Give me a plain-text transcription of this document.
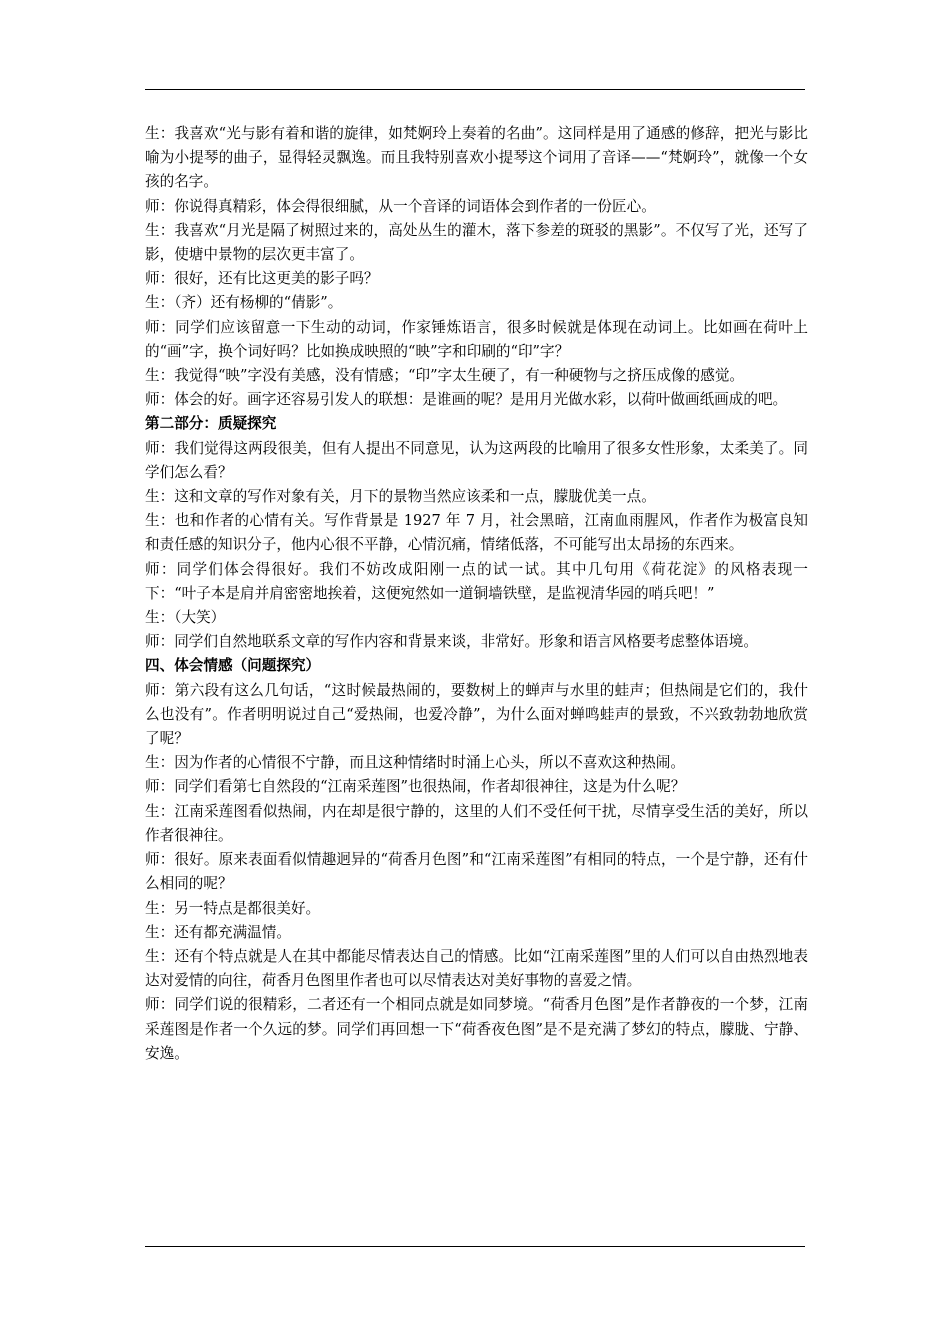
生：我喜欢“光与影有着和谐的旋律，如梵婀玲上奏着的名曲”。这同样是用了通感的修辞，把光与影比喻为小提琴的曲子，显得轻灵飘逸。而且我特别喜欢小提琴这个词用了音译——“梵婀玲”，就像一个女孩的名字。

师：你说得真精彩，体会得很细腻，从一个音译的词语体会到作者的一份匠心。

生：我喜欢“月光是隔了树照过来的，高处丛生的灌木，落下参差的斑驳的黑影”。不仅写了光，还写了影，使塘中景物的层次更丰富了。

师：很好，还有比这更美的影子吗？

生：（齐）还有杨柳的“倩影”。

师：同学们应该留意一下生动的动词，作家锤炼语言，很多时候就是体现在动词上。比如画在荷叶上的“画”字，换个词好吗？比如换成映照的“映”字和印刷的“印”字？

生：我觉得“映”字没有美感，没有情感；“印”字太生硬了，有一种硬物与之挤压成像的感觉。

师：体会的好。画字还容易引发人的联想：是谁画的呢？是用月光做水彩，以荷叶做画纸画成的吧。

第二部分：质疑探究

师：我们觉得这两段很美，但有人提出不同意见，认为这两段的比喻用了很多女性形象，太柔美了。同学们怎么看？

生：这和文章的写作对象有关，月下的景物当然应该柔和一点，朦胧优美一点。

生：也和作者的心情有关。写作背景是 1927 年 7 月，社会黑暗，江南血雨腥风，作者作为极富良知和责任感的知识分子，他内心很不平静，心情沉痛，情绪低落，不可能写出太昂扬的东西来。

师：同学们体会得很好。我们不妨改成阳刚一点的试一试。其中几句用《荷花淀》的风格表现一下：“叶子本是肩并肩密密地挨着，这便宛然如一道铜墙铁壁，是监视清华园的哨兵吧！”

生：（大笑）

师：同学们自然地联系文章的写作内容和背景来谈，非常好。形象和语言风格要考虑整体语境。

四、体会情感（问题探究）

师：第六段有这么几句话，“这时候最热闹的，要数树上的蝉声与水里的蛙声；但热闹是它们的，我什么也没有”。作者明明说过自己“爱热闹，也爱冷静”，为什么面对蝉鸣蛙声的景致，不兴致勃勃地欣赏了呢？

生：因为作者的心情很不宁静，而且这种情绪时时涌上心头，所以不喜欢这种热闹。

师：同学们看第七自然段的“江南采莲图”也很热闹，作者却很神往，这是为什么呢？

生：江南采莲图看似热闹，内在却是很宁静的，这里的人们不受任何干扰，尽情享受生活的美好，所以作者很神往。

师：很好。原来表面看似情趣迥异的“荷香月色图”和“江南采莲图”有相同的特点，一个是宁静，还有什么相同的呢？

生：另一特点是都很美好。

生：还有都充满温情。

生：还有个特点就是人在其中都能尽情表达自己的情感。比如“江南采莲图”里的人们可以自由热烈地表达对爱情的向往，荷香月色图里作者也可以尽情表达对美好事物的喜爱之情。

师：同学们说的很精彩，二者还有一个相同点就是如同梦境。“荷香月色图”是作者静夜的一个梦，江南采莲图是作者一个久远的梦。同学们再回想一下“荷香夜色图”是不是充满了梦幻的特点，朦胧、宁静、安逸。
